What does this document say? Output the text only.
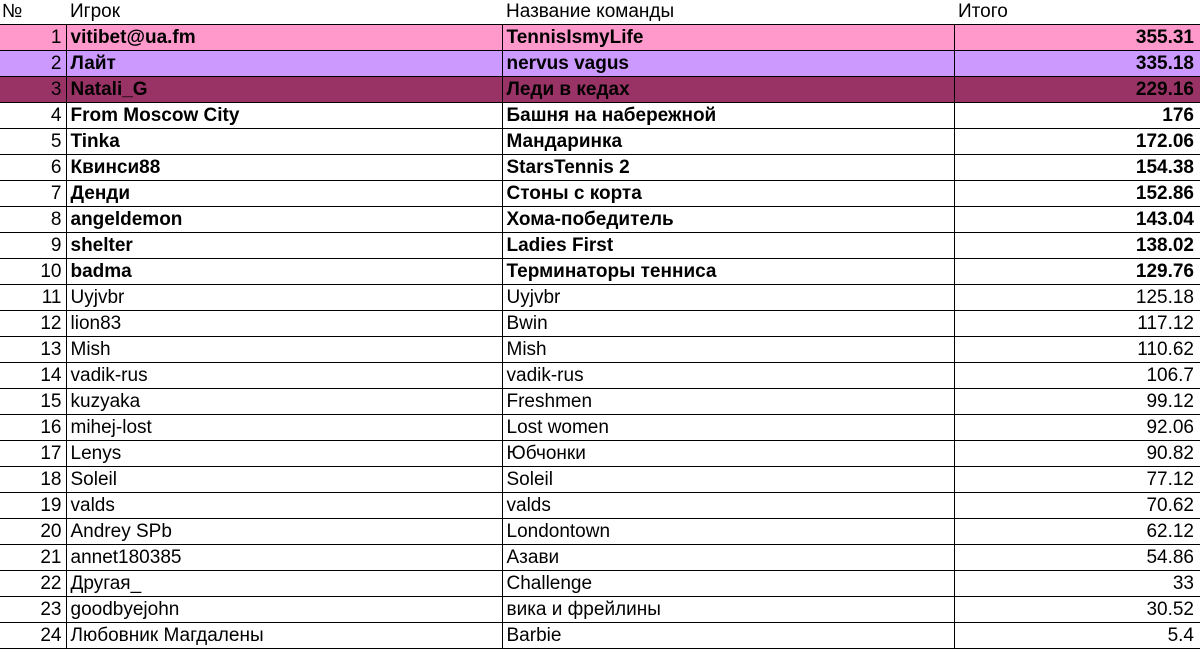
№	Игрок	Название команды	Итого
1	vitibet@ua.fm	TennisIsmyLife	355.31
2	Лайт	nervus vagus	335.18
3	Natali_G	Леди в кедах	229.16
4	From Moscow City	Башня на набережной	176
5	Tinka	Мандаринка	172.06
6	Квинси88	StarsTennis 2	154.38
7	Денди	Стоны с корта	152.86
8	angeldemon	Хома-победитель	143.04
9	shelter	Ladies First	138.02
10	badma	Терминаторы тенниса	129.76
11	Uyjvbr	Uyjvbr	125.18
12	lion83	Bwin	117.12
13	Mish	Mish	110.62
14	vadik-rus	vadik-rus	106.7
15	kuzyaka	Freshmen	99.12
16	mihej-lost	Lost women	92.06
17	Lenys	Юбчонки	90.82
18	Soleil	Soleil	77.12
19	valds	valds	70.62
20	Andrey SPb	Londontown	62.12
21	annet180385	Азави	54.86
22	Другая_	Challenge	33
23	goodbyejohn	вика и фрейлины	30.52
24	Любовник Магдалены	Barbie	5.4
